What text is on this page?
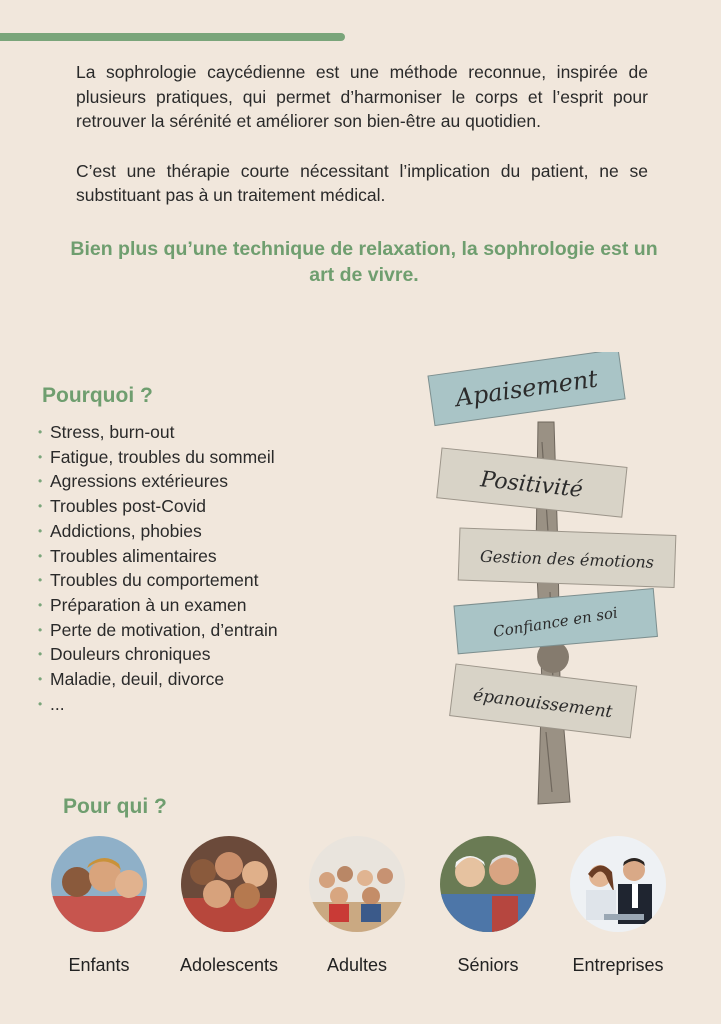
La sophrologie caycédienne est une méthode reconnue, inspirée de plusieurs pratiques, qui permet d’harmoniser le corps et l’esprit pour retrouver la sérénité et améliorer son bien-être au quotidien.

C’est une thérapie courte nécessitant l’implication du patient, ne se substituant pas à un traitement médical.

Bien plus qu’une technique de relaxation, la sophrologie est un art de vivre.
Pourquoi ?
• Stress, burn-out
• Fatigue, troubles du sommeil
• Agressions extérieures
• Troubles post-Covid
• Addictions, phobies
• Troubles alimentaires
• Troubles du comportement
• Préparation à un examen
• Perte de motivation, d’entrain
• Douleurs chroniques
• Maladie, deuil, divorce
• ...
Apaisement
Positivité
Gestion des émotions
Confiance en soi
épanouissement
Pour qui ?
Enfants	Adolescents	Adultes	Séniors	Entreprises
